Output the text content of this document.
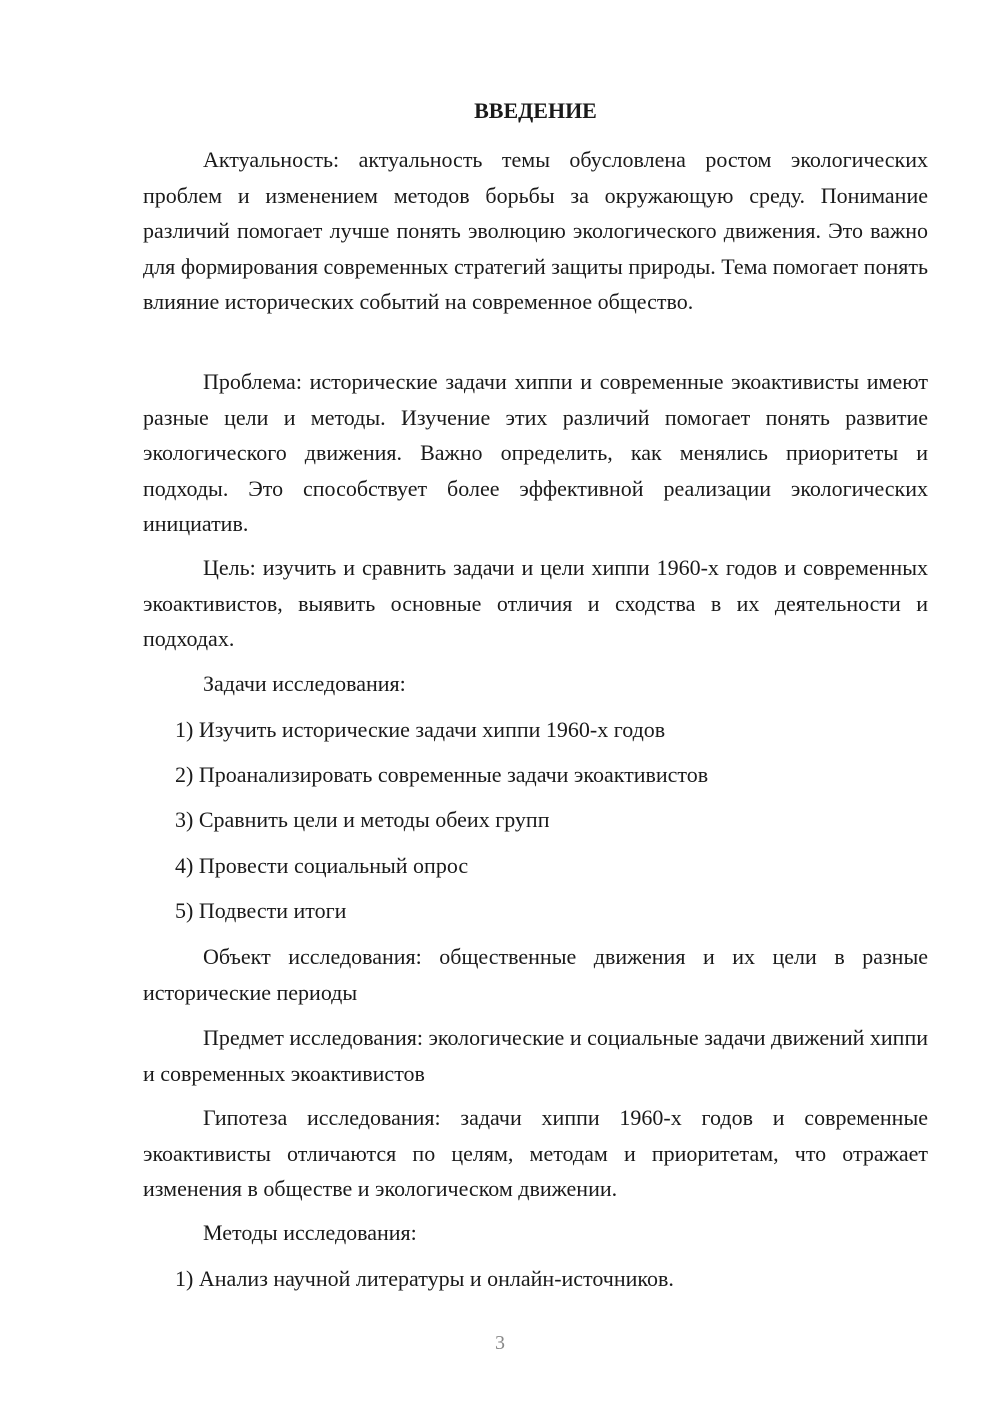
ВВЕДЕНИЕ

Актуальность: актуальность темы обусловлена ростом экологических проблем и изменением методов борьбы за окружающую среду. Понимание различий помогает лучше понять эволюцию экологического движения. Это важно для формирования современных стратегий защиты природы. Тема помогает понять влияние исторических событий на современное общество.

Проблема: исторические задачи хиппи и современные экоактивисты имеют разные цели и методы. Изучение этих различий помогает понять развитие экологического движения. Важно определить, как менялись приоритеты и подходы. Это способствует более эффективной реализации экологических инициатив.

Цель: изучить и сравнить задачи и цели хиппи 1960-х годов и современных экоактивистов, выявить основные отличия и сходства в их деятельности и подходах.

Задачи исследования:

1) Изучить исторические задачи хиппи 1960-х годов

2) Проанализировать современные задачи экоактивистов

3) Сравнить цели и методы обеих групп

4) Провести социальный опрос

5) Подвести итоги

Объект исследования: общественные движения и их цели в разные исторические периоды

Предмет исследования: экологические и социальные задачи движений хиппи и современных экоактивистов

Гипотеза исследования: задачи хиппи 1960-х годов и современные экоактивисты отличаются по целям, методам и приоритетам, что отражает изменения в обществе и экологическом движении.

Методы исследования:

1) Анализ научной литературы и онлайн-источников.

3
